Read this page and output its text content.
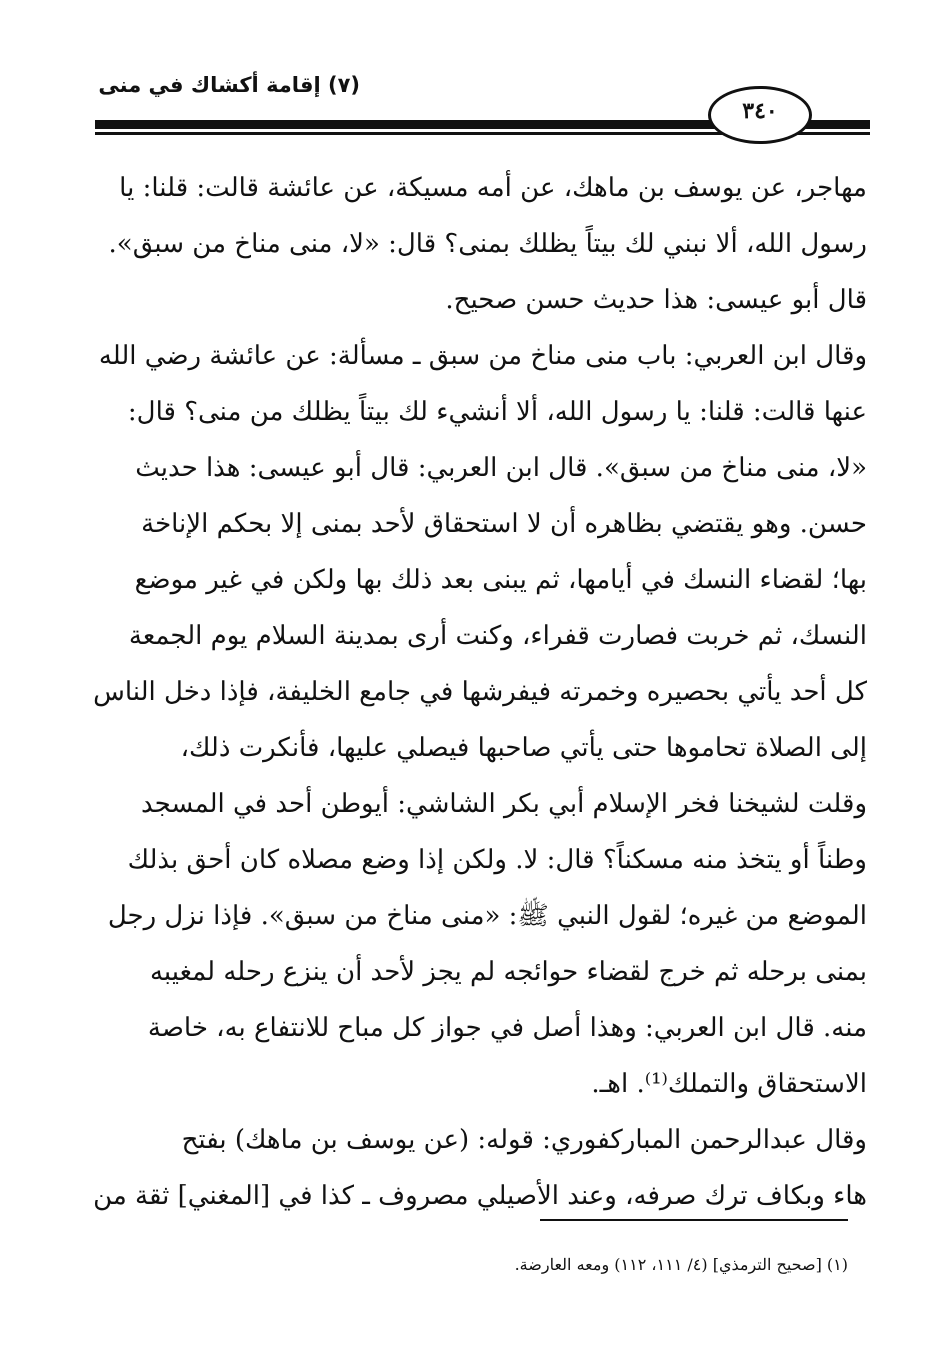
(٧) إقامة أكشاك في منى
٣٤٠
مهاجر، عن يوسف بن ماهك، عن أمه مسيكة، عن عائشة قالت: قلنا: يا
رسول الله، ألا نبني لك بيتاً يظلك بمنى؟ قال: «لا، منى مناخ من سبق».
قال أبو عيسى: هذا حديث حسن صحيح.
وقال ابن العربي: باب منى مناخ من سبق ـ مسألة: عن عائشة رضي الله
عنها قالت: قلنا: يا رسول الله، ألا أنشيء لك بيتاً يظلك من منى؟ قال:
«لا، منى مناخ من سبق». قال ابن العربي: قال أبو عيسى: هذا حديث
حسن. وهو يقتضي بظاهره أن لا استحقاق لأحد بمنى إلا بحكم الإناخة
بها؛ لقضاء النسك في أيامها، ثم يبنى بعد ذلك بها ولكن في غير موضع
النسك، ثم خربت فصارت قفراء، وكنت أرى بمدينة السلام يوم الجمعة
كل أحد يأتي بحصيره وخمرته فيفرشها في جامع الخليفة، فإذا دخل الناس
إلى الصلاة تحاموها حتى يأتي صاحبها فيصلي عليها، فأنكرت ذلك،
وقلت لشيخنا فخر الإسلام أبي بكر الشاشي: أيوطن أحد في المسجد
وطناً أو يتخذ منه مسكناً؟ قال: لا. ولكن إذا وضع مصلاه كان أحق بذلك
الموضع من غيره؛ لقول النبي ﷺ: «منى مناخ من سبق». فإذا نزل رجل
بمنى برحله ثم خرج لقضاء حوائجه لم يجز لأحد أن ينزع رحله لمغيبه
منه. قال ابن العربي: وهذا أصل في جواز كل مباح للانتفاع به، خاصة
الاستحقاق والتملك⁽¹⁾. اهـ.
وقال عبدالرحمن المباركفوري: قوله: (عن يوسف بن ماهك) بفتح
هاء وبكاف ترك صرفه، وعند الأصيلي مصروف ـ كذا في [المغني] ثقة من
(١) [صحيح الترمذي] (٤/ ١١١، ١١٢) ومعه العارضة.
